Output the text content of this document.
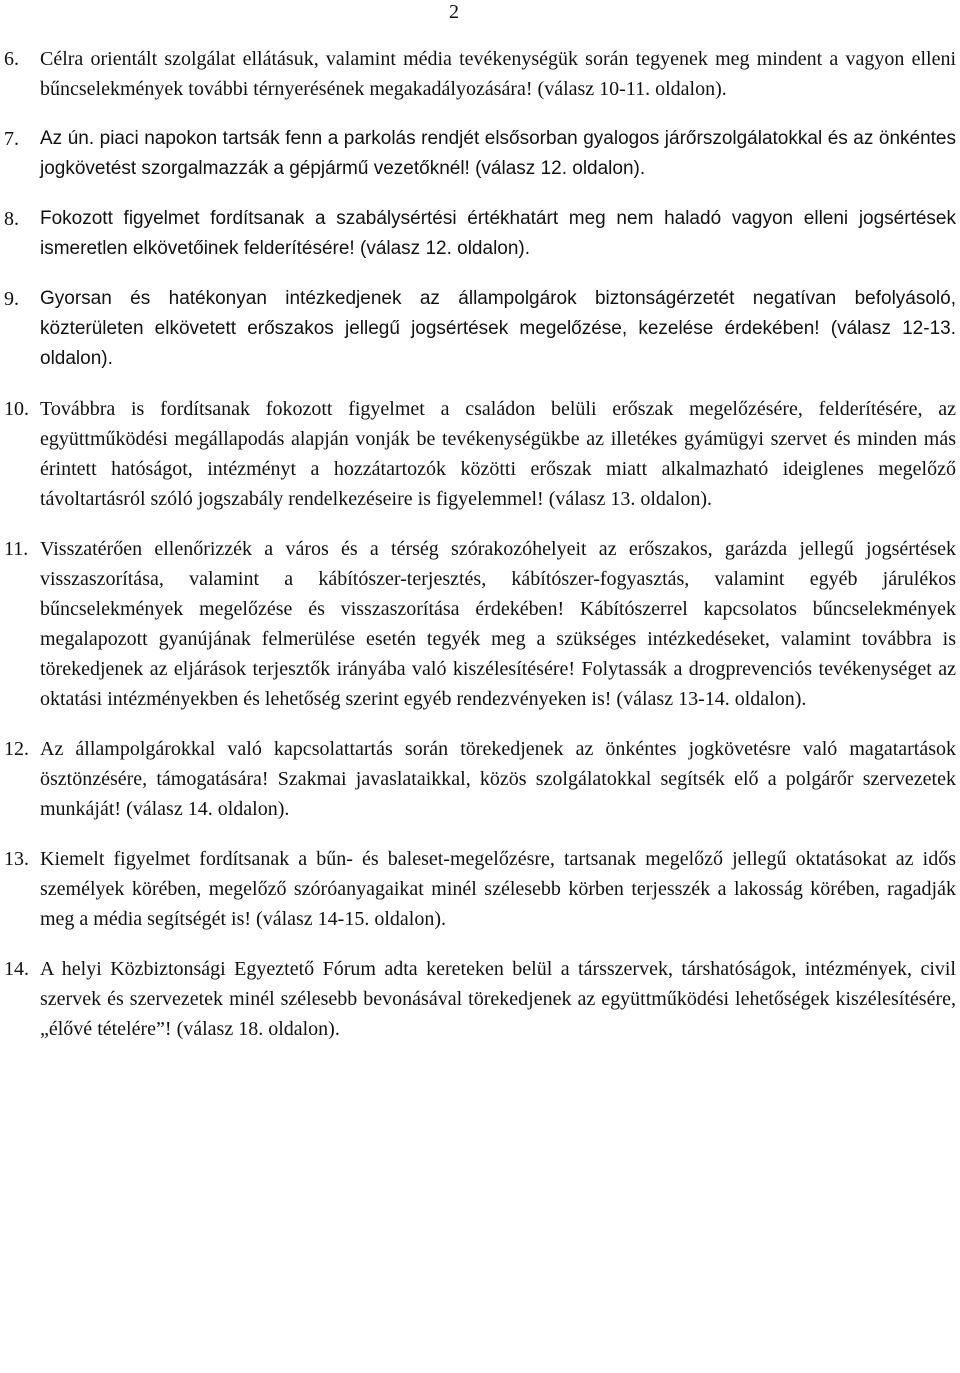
2
6.	Célra orientált szolgálat ellátásuk, valamint média tevékenységük során tegyenek meg mindent a vagyon elleni bűncselekmények további térnyerésének megakadályozására! (válasz 10-11. oldalon).
7.	Az ún. piaci napokon tartsák fenn a parkolás rendjét elsősorban gyalogos járőrszolgálatokkal és az önkéntes jogkövetést szorgalmazzák a gépjármű vezetőknél! (válasz 12. oldalon).
8.	Fokozott figyelmet fordítsanak a szabálysértési értékhatárt meg nem haladó vagyon elleni jogsértések ismeretlen elkövetőinek felderítésére! (válasz 12. oldalon).
9.	Gyorsan és hatékonyan intézkedjenek az állampolgárok biztonságérzetét negatívan befolyásoló, közterületen elkövetett erőszakos jellegű jogsértések megelőzése, kezelése érdekében! (válasz 12-13. oldalon).
10. Továbbra is fordítsanak fokozott figyelmet a családon belüli erőszak megelőzésére, felderítésére, az együttműködési megállapodás alapján vonják be tevékenységükbe az illetékes gyámügyi szervet és minden más érintett hatóságot, intézményt a hozzátartozók közötti erőszak miatt alkalmazható ideiglenes megelőző távoltartásról szóló jogszabály rendelkezéseire is figyelemmel! (válasz 13. oldalon).
11. Visszatérően ellenőrizzék a város és a térség szórakozóhelyeit az erőszakos, garázda jellegű jogsértések visszaszorítása, valamint a kábítószer-terjesztés, kábítószer-fogyasztás, valamint egyéb járulékos bűncselekmények megelőzése és visszaszorítása érdekében! Kábítószerrel kapcsolatos bűncselekmények megalapozott gyanújának felmerülése esetén tegyék meg a szükséges intézkedéseket, valamint továbbra is törekedjenek az eljárások terjesztők irányába való kiszélesítésére! Folytassák a drogprevenciós tevékenységet az oktatási intézményekben és lehetőség szerint egyéb rendezvényeken is! (válasz 13-14. oldalon).
12. Az állampolgárokkal való kapcsolattartás során törekedjenek az önkéntes jogkövetésre való magatartások ösztönzésére, támogatására! Szakmai javaslataikkal, közös szolgálatokkal segítsék elő a polgárőr szervezetek munkáját! (válasz 14. oldalon).
13. Kiemelt figyelmet fordítsanak a bűn- és baleset-megelőzésre, tartsanak megelőző jellegű oktatásokat az idős személyek körében, megelőző szóróanyagaikat minél szélesebb körben terjesszék a lakosság körében, ragadják meg a média segítségét is! (válasz 14-15. oldalon).
14. A helyi Közbiztonsági Egyeztető Fórum adta kereteken belül a társszervek, társhatóságok, intézmények, civil szervek és szervezetek minél szélesebb bevonásával törekedjenek az együttműködési lehetőségek kiszélesítésére, „élővé tételére”! (válasz 18. oldalon).
